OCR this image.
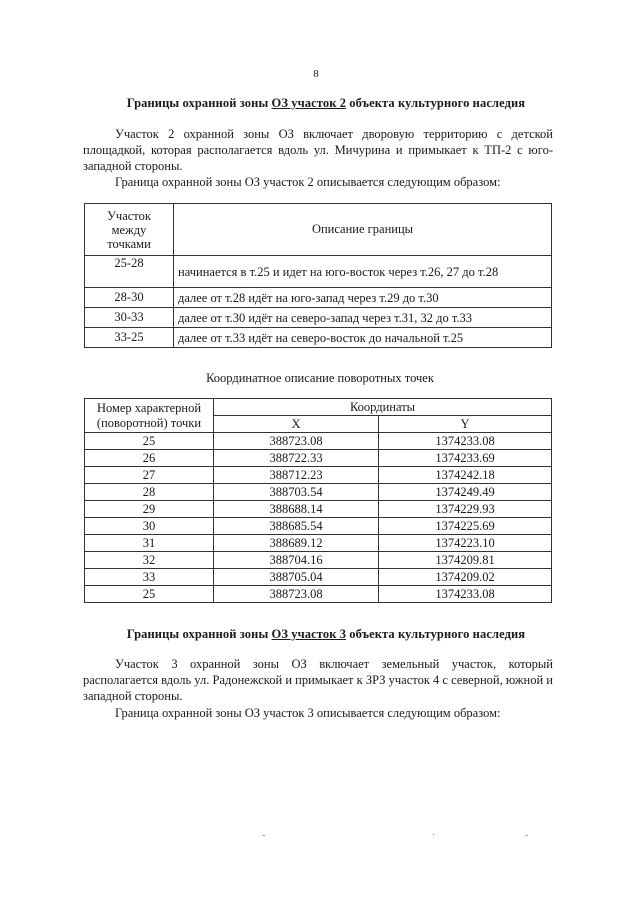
8
Границы охранной зоны ОЗ участок 2 объекта культурного наследия

Участок 2 охранной зоны ОЗ включает дворовую территорию с детской площадкой, которая располагается вдоль ул. Мичурина и примыкает к ТП-2 с юго-западной стороны.

Граница охранной зоны ОЗ участок 2 описывается следующим образом:
Участок между точками	Описание границы
25-28	начинается в т.25 и идет на юго-восток через т.26, 27 до т.28
28-30	далее от т.28 идёт на юго-запад через т.29 до т.30
30-33	далее от т.30 идёт на северо-запад через т.31, 32 до т.33
33-25	далее от т.33 идёт на северо-восток до начальной т.25
Координатное описание поворотных точек
Номер характерной (поворотной) точки	Координаты	
	X	Y
25	388723.08	1374233.08
26	388722.33	1374233.69
27	388712.23	1374242.18
28	388703.54	1374249.49
29	388688.14	1374229.93
30	388685.54	1374225.69
31	388689.12	1374223.10
32	388704.16	1374209.81
33	388705.04	1374209.02
25	388723.08	1374233.08
Границы охранной зоны ОЗ участок 3 объекта культурного наследия

Участок 3 охранной зоны ОЗ включает земельный участок, который располагается вдоль ул. Радонежской и примыкает к ЗРЗ участок 4 с северной, южной и западной стороны.

Граница охранной зоны ОЗ участок 3 описывается следующим образом:
-	·	-
